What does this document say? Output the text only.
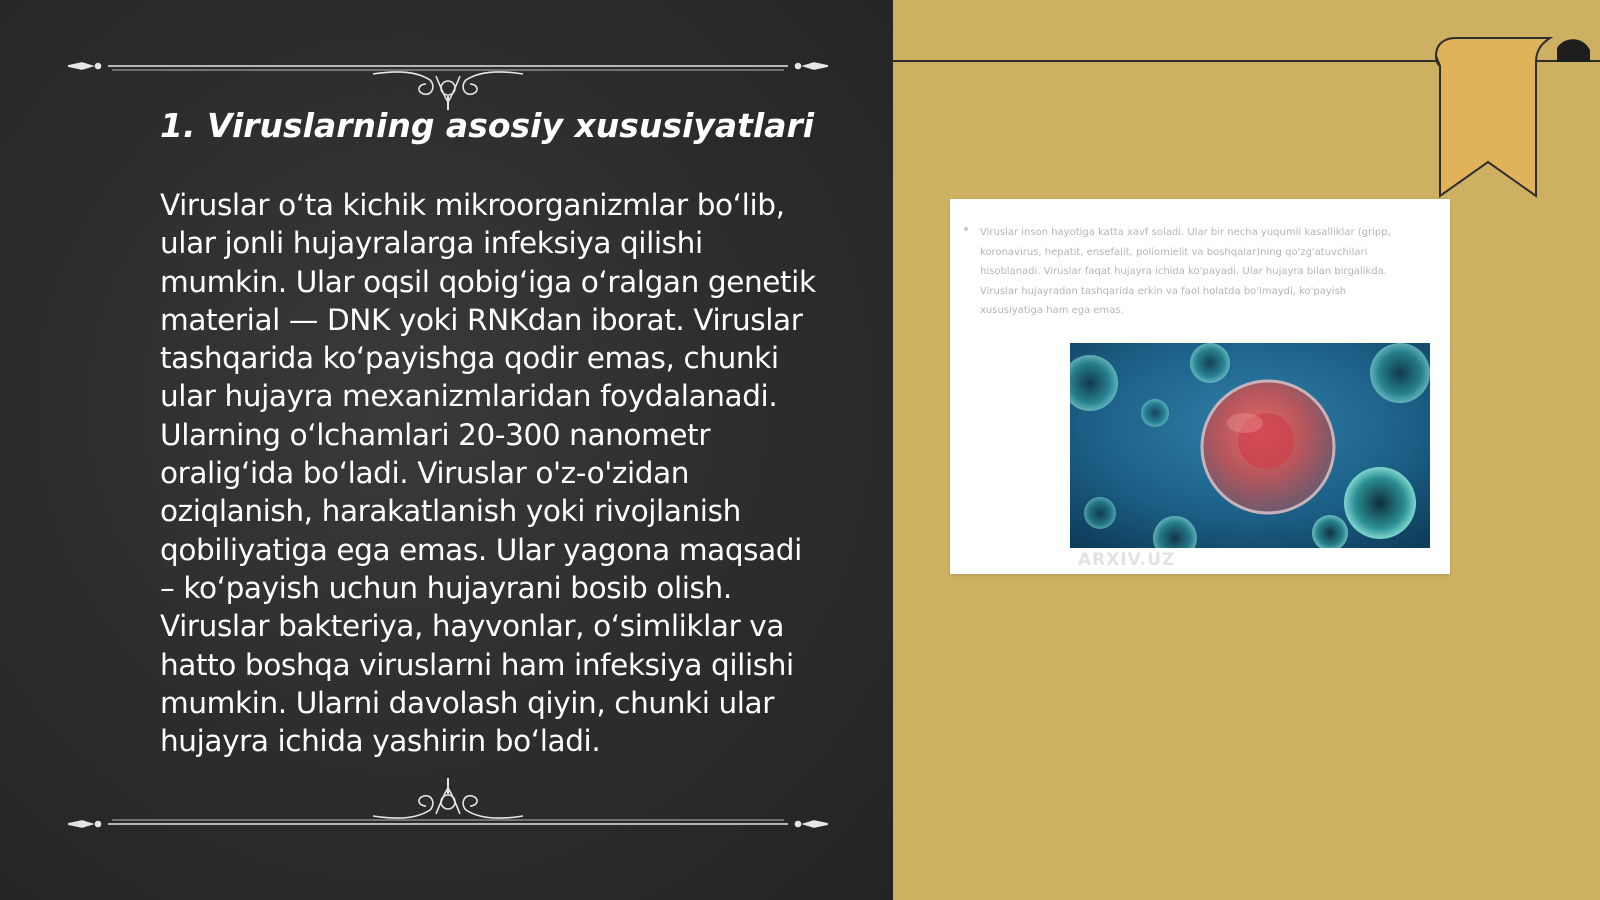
1. Viruslarning asosiy xususiyatlari
Viruslar o‘ta kichik mikroorganizmlar bo‘lib,
ular jonli hujayralarga infeksiya qilishi
mumkin. Ular oqsil qobig‘iga o‘ralgan genetik
material — DNK yoki RNKdan iborat. Viruslar
tashqarida ko‘payishga qodir emas, chunki
ular hujayra mexanizmlaridan foydalanadi.
Ularning o‘lchamlari 20-300 nanometr
oralig‘ida bo‘ladi. Viruslar o'z-o'zidan
oziqlanish, harakatlanish yoki rivojlanish
qobiliyatiga ega emas. Ular yagona maqsadi
– ko‘payish uchun hujayrani bosib olish.
Viruslar bakteriya, hayvonlar, o‘simliklar va
hatto boshqa viruslarni ham infeksiya qilishi
mumkin. Ularni davolash qiyin, chunki ular
hujayra ichida yashirin bo‘ladi.
Viruslar inson hayotiga katta xavf soladi. Ular bir necha yuqumli kasalliklar (gripp, koronavirus, hepatit, ensefalit, poliomielit va boshqalar)ning qo'zg'atuvchilari hisoblanadi. Viruslar faqat hujayra ichida ko'payadi. Ular hujayra bilan birgalikda. Viruslar hujayradan tashqarida erkin va faol holatda bo'lmaydi, ko'payish xususiyatiga ham ega emas.
ARXIV.UZ
